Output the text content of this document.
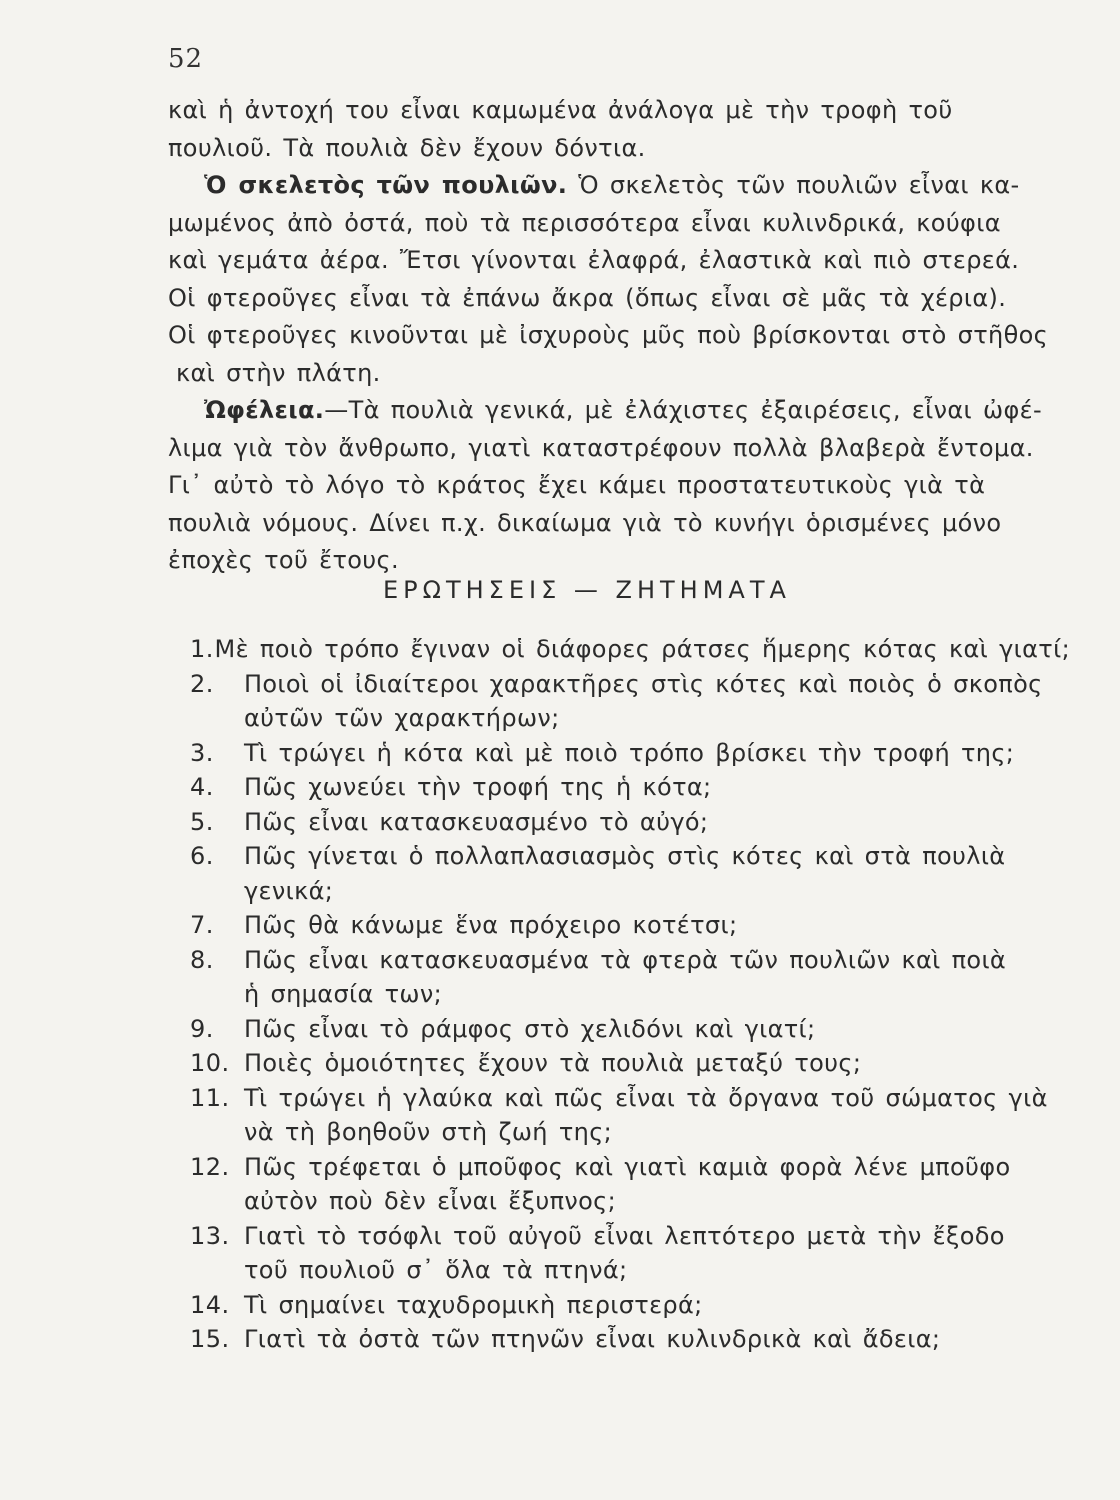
52
καὶ ἡ ἀντοχή του εἶναι καμωμένα ἀνάλογα μὲ τὴν τροφὴ τοῦ
πουλιοῦ. Τὰ πουλιὰ δὲν ἔχουν δόντια.
Ὁ σκελετὸς τῶν πουλιῶν. Ὁ σκελετὸς τῶν πουλιῶν εἶναι κα-
μωμένος ἀπὸ ὀστά, ποὺ τὰ περισσότερα εἶναι κυλινδρικά, κούφια
καὶ γεμάτα ἀέρα. Ἔτσι γίνονται ἐλαφρά, ἐλαστικὰ καὶ πιὸ στερεά.
Οἱ φτεροῦγες εἶναι τὰ ἐπάνω ἄκρα (ὅπως εἶναι σὲ μᾶς τὰ χέρια).
Οἱ φτεροῦγες κινοῦνται μὲ ἰσχυροὺς μῦς ποὺ βρίσκονται στὸ στῆθος
καὶ στὴν πλάτη.
Ὠφέλεια.—Τὰ πουλιὰ γενικά, μὲ ἐλάχιστες ἐξαιρέσεις, εἶναι ὠφέ-
λιμα γιὰ τὸν ἄνθρωπο, γιατὶ καταστρέφουν πολλὰ βλαβερὰ ἔντομα.
Γι᾽ αὐτὸ τὸ λόγο τὸ κράτος ἔχει κάμει προστατευτικοὺς γιὰ τὰ
πουλιὰ νόμους. Δίνει π.χ. δικαίωμα γιὰ τὸ κυνήγι ὁρισμένες μόνο
ἐποχὲς τοῦ ἔτους.
ΕΡΩΤΗΣΕΙΣ — ΖΗΤΗΜΑΤΑ
1. Μὲ ποιὸ τρόπο ἔγιναν οἱ διάφορες ράτσες ἥμερης κότας καὶ γιατί;
2.	Ποιοὶ οἱ ἰδιαίτεροι χαρακτῆρες στὶς κότες καὶ ποιὸς ὁ σκοπὸς
αὐτῶν τῶν χαρακτήρων;
3.	Τὶ τρώγει ἡ κότα καὶ μὲ ποιὸ τρόπο βρίσκει τὴν τροφή της;
4.	Πῶς χωνεύει τὴν τροφή της ἡ κότα;
5.	Πῶς εἶναι κατασκευασμένο τὸ αὐγό;
6.	Πῶς γίνεται ὁ πολλαπλασιασμὸς στὶς κότες καὶ στὰ πουλιὰ
γενικά;
7.	Πῶς θὰ κάνωμε ἕνα πρόχειρο κοτέτσι;
8.	Πῶς εἶναι κατασκευασμένα τὰ φτερὰ τῶν πουλιῶν καὶ ποιὰ
ἡ σημασία των;
9.	Πῶς εἶναι τὸ ράμφος στὸ χελιδόνι καὶ γιατί;
10. Ποιὲς ὁμοιότητες ἔχουν τὰ πουλιὰ μεταξύ τους;
11. Τὶ τρώγει ἡ γλαύκα καὶ πῶς εἶναι τὰ ὄργανα τοῦ σώματος γιὰ
νὰ τὴ βοηθοῦν στὴ ζωή της;
12. Πῶς τρέφεται ὁ μποῦφος καὶ γιατὶ καμιὰ φορὰ λένε μποῦφο
αὐτὸν ποὺ δὲν εἶναι ἔξυπνος;
13. Γιατὶ τὸ τσόφλι τοῦ αὐγοῦ εἶναι λεπτότερο μετὰ τὴν ἔξοδο
τοῦ πουλιοῦ σ᾽ ὅλα τὰ πτηνά;
14. Τὶ σημαίνει ταχυδρομικὴ περιστερά;
15. Γιατὶ τὰ ὀστὰ τῶν πτηνῶν εἶναι κυλινδρικὰ καὶ ἄδεια;
